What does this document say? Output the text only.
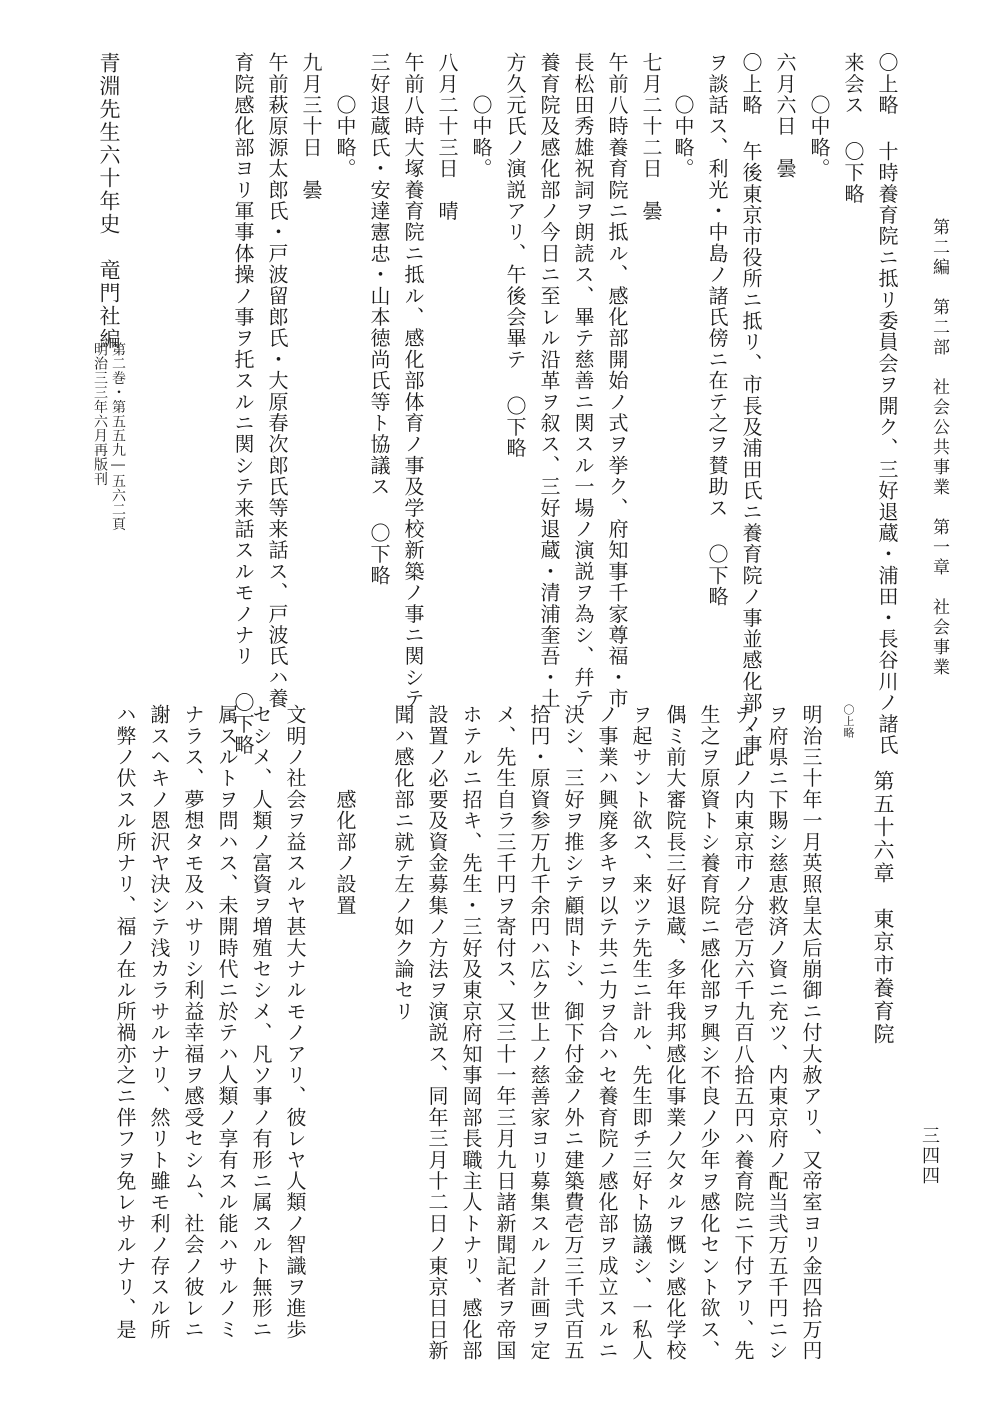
第二編　第二部　社会公共事業　第一章　社会事業
三四四
〇上略 十時養育院ニ抵リ委員会ヲ開ク、三好退蔵・浦田・長谷川ノ諸氏
来会ス 〇下略
　　〇中略。
六月六日　曇
〇上略 午後東京市役所ニ抵リ、市長及浦田氏ニ養育院ノ事並感化部ノ事
ヲ談話ス、利光・中島ノ諸氏傍ニ在テ之ヲ賛助ス 〇下略
　　〇中略。
七月二十二日　曇
午前八時養育院ニ抵ル、感化部開始ノ式ヲ挙ク、府知事千家尊福・市
長松田秀雄祝詞ヲ朗読ス、畢テ慈善ニ関スル一場ノ演説ヲ為シ、幷テ
養育院及感化部ノ今日ニ至レル沿革ヲ叙ス、三好退蔵・清浦奎吾・土
方久元氏ノ演説アリ、午後会畢テ 〇下略
　　〇中略。
八月二十三日　晴
午前八時大塚養育院ニ抵ル、感化部体育ノ事及学校新築ノ事ニ関シテ
三好退蔵氏・安達憲忠・山本徳尚氏等ト協議ス 〇下略
　　〇中略。
九月三十日　曇
午前萩原源太郎氏・戸波留郎氏・大原春次郎氏等来話ス、戸波氏ハ養
育院感化部ヨリ軍事体操ノ事ヲ托スルニ関シテ来話スルモノナリ 〇下略
青淵先生六十年史　竜門社編
第二巻・第五五九―五六二頁
明治三三年六月再版刊
〇上略
第五十六章　東京市養育院
明治三十年一月英照皇太后崩御ニ付大赦アリ、又帝室ヨリ金四拾万円
ヲ府県ニ下賜シ慈恵救済ノ資ニ充ツ、内東京府ノ配当弐万五千円ニシ
テ、此ノ内東京市ノ分壱万六千九百八拾五円ハ養育院ニ下付アリ、先
生之ヲ原資トシ養育院ニ感化部ヲ興シ不良ノ少年ヲ感化セント欲ス、
偶ミ前大審院長三好退蔵、多年我邦感化事業ノ欠タルヲ慨シ感化学校
ヲ起サント欲ス、来ツテ先生ニ計ル、先生即チ三好ト協議シ、一私人
ノ事業ハ興廃多キヲ以テ共ニ力ヲ合ハセ養育院ノ感化部ヲ成立スルニ
決シ、三好ヲ推シテ顧問トシ、御下付金ノ外ニ建築費壱万三千弐百五
拾円・原資参万九千余円ハ広ク世上ノ慈善家ヨリ募集スルノ計画ヲ定
メ、先生自ラ三千円ヲ寄付ス、又三十一年三月九日諸新聞記者ヲ帝国
ホテルニ招キ、先生・三好及東京府知事岡部長職主人トナリ、感化部
設置ノ必要及資金募集ノ方法ヲ演説ス、同年三月十二日ノ東京日日新
聞ハ感化部ニ就テ左ノ如ク論セリ
　　　　感化部ノ設置
文明ノ社会ヲ益スルヤ甚大ナルモノアリ、彼レヤ人類ノ智識ヲ進歩
セシメ、人類ノ富資ヲ増殖セシメ、凡ソ事ノ有形ニ属スルト無形ニ
属スルトヲ問ハス、未開時代ニ於テハ人類ノ享有スル能ハサルノミ
ナラス、夢想タモ及ハサリシ利益幸福ヲ感受セシム、社会ノ彼レニ
謝スヘキノ恩沢ヤ決シテ浅カラサルナリ、然リト雖モ利ノ存スル所
ハ弊ノ伏スル所ナリ、福ノ在ル所禍亦之ニ伴フヲ免レサルナリ、是
